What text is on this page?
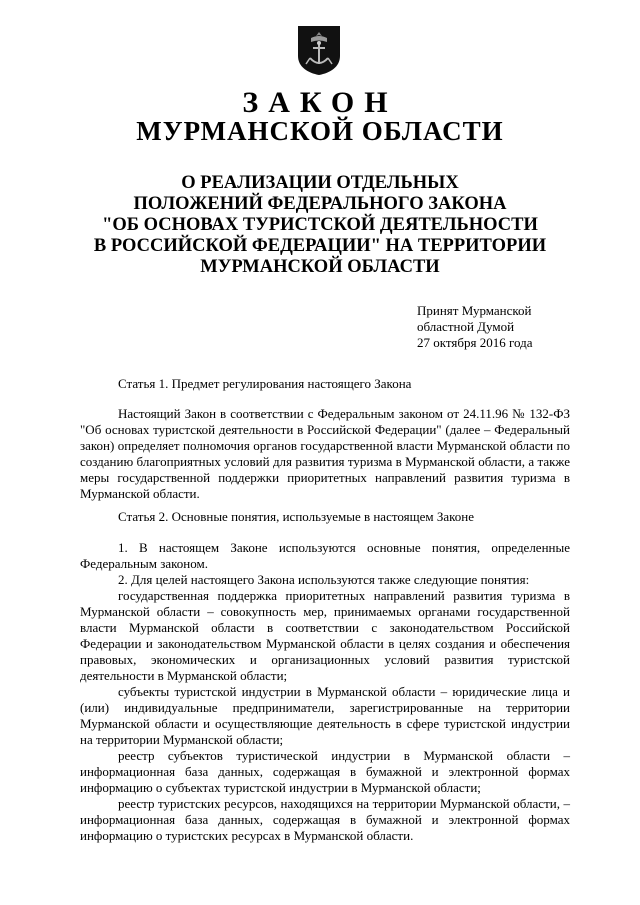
ЗАКОН
МУРМАНСКОЙ ОБЛАСТИ
О РЕАЛИЗАЦИИ ОТДЕЛЬНЫХ
ПОЛОЖЕНИЙ ФЕДЕРАЛЬНОГО ЗАКОНА
"ОБ ОСНОВАХ ТУРИСТСКОЙ ДЕЯТЕЛЬНОСТИ
В РОССИЙСКОЙ ФЕДЕРАЦИИ" НА ТЕРРИТОРИИ
МУРМАНСКОЙ ОБЛАСТИ
Принят Мурманской
областной Думой
27 октября 2016 года
Статья 1. Предмет регулирования настоящего Закона

Настоящий Закон в соответствии с Федеральным законом от 24.11.96 № 132-ФЗ "Об основах туристской деятельности в Российской Федерации" (далее – Федеральный закон) определяет полномочия органов государственной власти Мурманской области по созданию благоприятных условий для развития туризма в Мурманской области, а также меры государственной поддержки приоритетных направлений развития туризма в Мурманской области.

Статья 2. Основные понятия, используемые в настоящем Законе

1. В настоящем Законе используются основные понятия, определенные Федеральным законом.

2. Для целей настоящего Закона используются также следующие понятия:

государственная поддержка приоритетных направлений развития туризма в Мурманской области – совокупность мер, принимаемых органами государственной власти Мурманской области в соответствии с законодательством Российской Федерации и законодательством Мурманской области в целях создания и обеспечения правовых, экономических и организационных условий развития туристской деятельности в Мурманской области;

субъекты туристской индустрии в Мурманской области – юридические лица и (или) индивидуальные предприниматели, зарегистрированные на территории Мурманской области и осуществляющие деятельность в сфере туристской индустрии на территории Мурманской области;

реестр субъектов туристической индустрии в Мурманской области – информационная база данных, содержащая в бумажной и электронной формах информацию о субъектах туристской индустрии в Мурманской области;

реестр туристских ресурсов, находящихся на территории Мурманской области, – информационная база данных, содержащая в бумажной и электронной формах информацию о туристских ресурсах в Мурманской области.
